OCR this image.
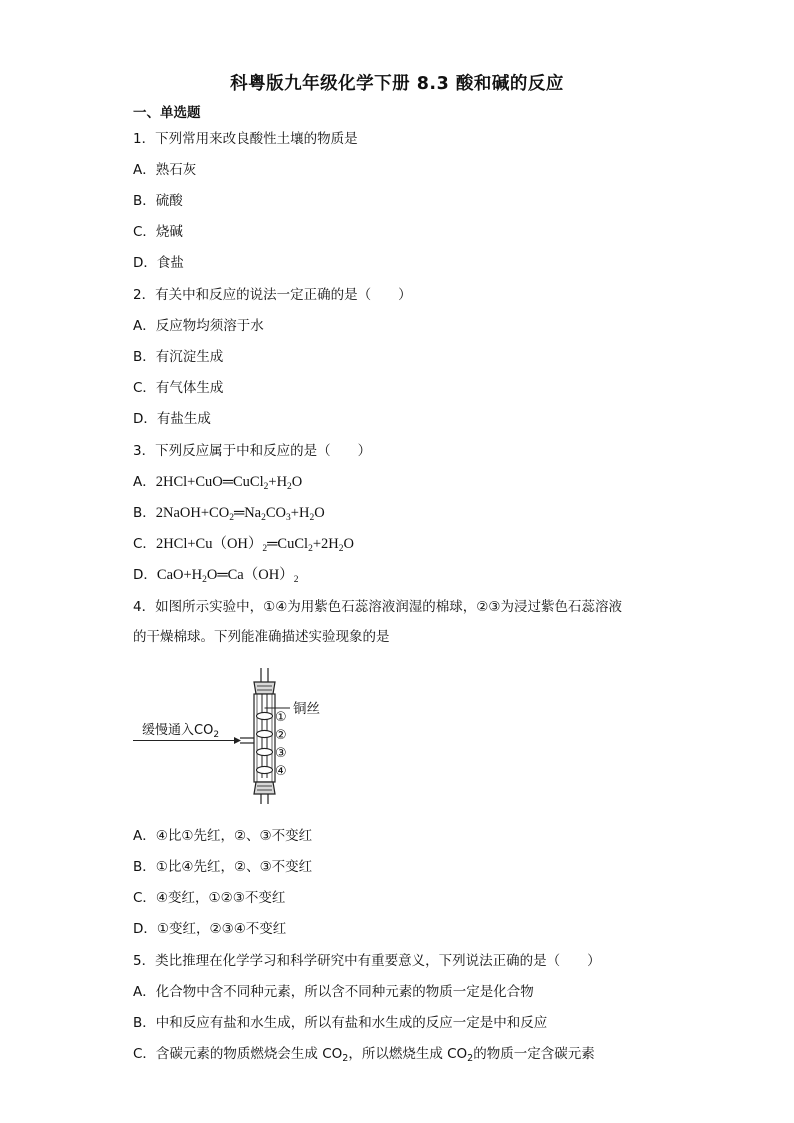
科粤版九年级化学下册 8.3 酸和碱的反应
一、单选题
1．下列常用来改良酸性土壤的物质是
A．熟石灰
B．硫酸
C．烧碱
D．食盐
2．有关中和反应的说法一定正确的是（　　）
A．反应物均须溶于水
B．有沉淀生成
C．有气体生成
D．有盐生成
3．下列反应属于中和反应的是（　　）
A．$2HCl+CuO═CuCl_2+H_2O$
B．$2NaOH+CO_2═Na_2CO_3+H_2O$
C．$2HCl+Cu(OH)_2═CuCl_2+2H_2O$
D．$CaO+H_2O═Ca(OH)_2$
4．如图所示实验中，①④为用紫色石蕊溶液润湿的棉球，②③为浸过紫色石蕊溶液
的干燥棉球。下列能准确描述实验现象的是
缓慢通入$CO_2$
铜丝
①
②
③
④
A．④比①先红，②、③不变红
B．①比④先红，②、③不变红
C．④变红，①②③不变红
D．①变红，②③④不变红
5．类比推理在化学学习和科学研究中有重要意义，下列说法正确的是（　　）
A．化合物中含不同种元素，所以含不同种元素的物质一定是化合物
B．中和反应有盐和水生成，所以有盐和水生成的反应一定是中和反应
C．含碳元素的物质燃烧会生成 $CO_2$，所以燃烧生成 $CO_2$的物质一定含碳元素
